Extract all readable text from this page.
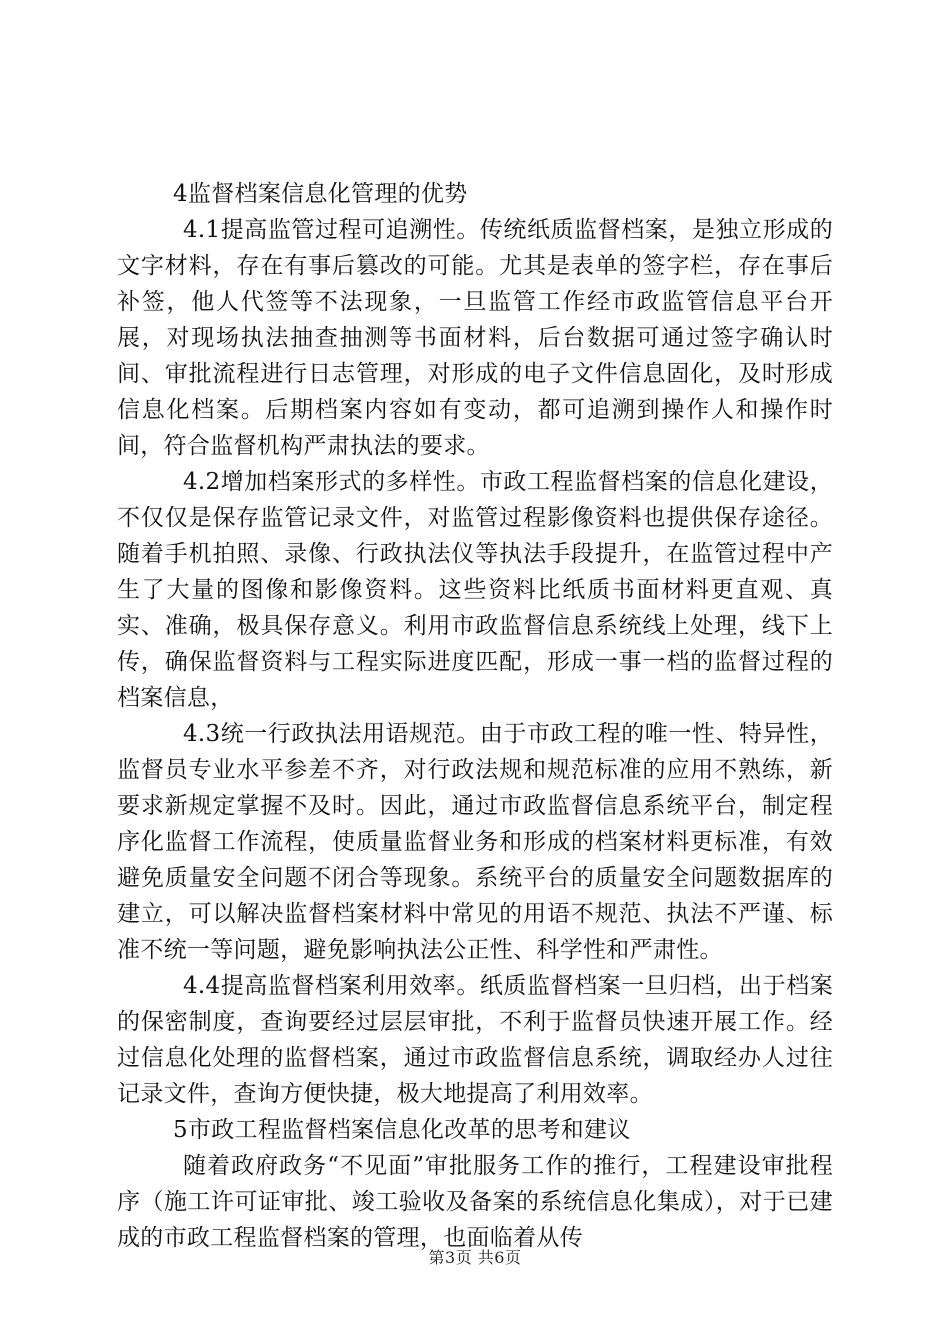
4监督档案信息化管理的优势

4.1提高监管过程可追溯性。传统纸质监督档案，是独立形成的文字材料，存在有事后篡改的可能。尤其是表单的签字栏，存在事后补签，他人代签等不法现象，一旦监管工作经市政监管信息平台开展，对现场执法抽查抽测等书面材料，后台数据可通过签字确认时间、审批流程进行日志管理，对形成的电子文件信息固化，及时形成信息化档案。后期档案内容如有变动，都可追溯到操作人和操作时间，符合监督机构严肃执法的要求。

4.2增加档案形式的多样性。市政工程监督档案的信息化建设，不仅仅是保存监管记录文件，对监管过程影像资料也提供保存途径。随着手机拍照、录像、行政执法仪等执法手段提升，在监管过程中产生了大量的图像和影像资料。这些资料比纸质书面材料更直观、真实、准确，极具保存意义。利用市政监督信息系统线上处理，线下上传，确保监督资料与工程实际进度匹配，形成一事一档的监督过程的档案信息，

4.3统一行政执法用语规范。由于市政工程的唯一性、特异性，监督员专业水平参差不齐，对行政法规和规范标准的应用不熟练，新要求新规定掌握不及时。因此，通过市政监督信息系统平台，制定程序化监督工作流程，使质量监督业务和形成的档案材料更标准，有效避免质量安全问题不闭合等现象。系统平台的质量安全问题数据库的建立，可以解决监督档案材料中常见的用语不规范、执法不严谨、标准不统一等问题，避免影响执法公正性、科学性和严肃性。

4.4提高监督档案利用效率。纸质监督档案一旦归档，出于档案的保密制度，查询要经过层层审批，不利于监督员快速开展工作。经过信息化处理的监督档案，通过市政监督信息系统，调取经办人过往记录文件，查询方便快捷，极大地提高了利用效率。

5市政工程监督档案信息化改革的思考和建议

随着政府政务“不见面”审批服务工作的推行，工程建设审批程序（施工许可证审批、竣工验收及备案的系统信息化集成），对于已建成的市政工程监督档案的管理，也面临着从传

第3页 共6页
